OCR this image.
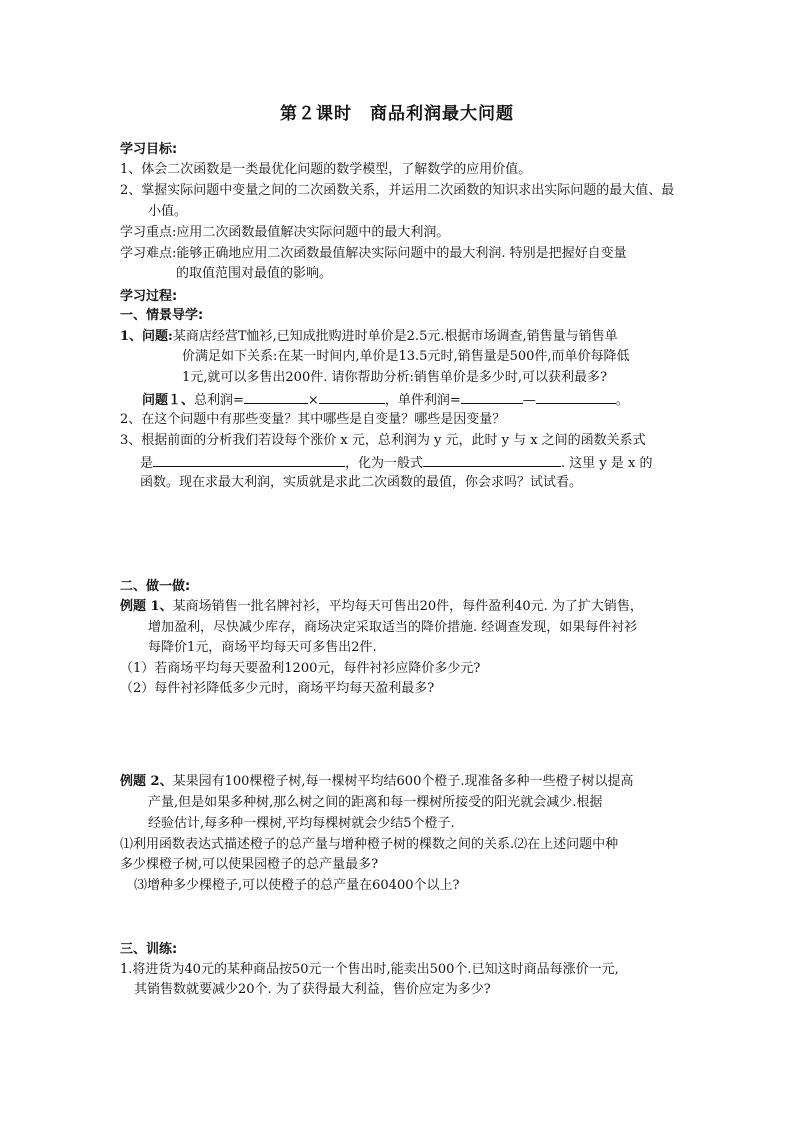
第２课时　商品利润最大问题
学习目标:
1、体会二次函数是一类最优化问题的数学模型，了解数学的应用价值。
2、掌握实际问题中变量之间的二次函数关系，并运用二次函数的知识求出实际问题的最大值、最
小值。
学习重点:应用二次函数最值解决实际问题中的最大利润。
学习难点:能够正确地应用二次函数最值解决实际问题中的最大利润. 特别是把握好自变量
的取值范围对最值的影响。
学习过程:
一、情景导学:
1、问题:某商店经营T恤衫,已知成批购进时单价是2.5元.根据市场调查,销售量与销售单
价满足如下关系:在某一时间内,单价是13.5元时,销售量是500件,而单价每降低
1元,就可以多售出200件. 请你帮助分析:销售单价是多少时,可以获利最多?
问题１、总利润=	×	，单件利润=	—	。
2、在这个问题中有那些变量？其中哪些是自变量？哪些是因变量？
3、根据前面的分析我们若设每个涨价 x 元，总利润为 y 元，此时 y 与 x 之间的函数关系式
是	，化为一般式	. 这里 y 是 x 的
函数。现在求最大利润，实质就是求此二次函数的最值，你会求吗？试试看。
二、做一做:
例题 1、某商场销售一批名牌衬衫，平均每天可售出20件，每件盈利40元. 为了扩大销售，
增加盈利，尽快减少库存，商场决定采取适当的降价措施. 经调查发现，如果每件衬衫
每降价1元，商场平均每天可多售出2件.
（1）若商场平均每天要盈利1200元，每件衬衫应降价多少元?
（2）每件衬衫降低多少元时，商场平均每天盈利最多?
例题 2、某果园有100棵橙子树,每一棵树平均结600个橙子.现准备多种一些橙子树以提高
产量,但是如果多种树,那么树之间的距离和每一棵树所接受的阳光就会减少.根据
经验估计,每多种一棵树,平均每棵树就会少结5个橙子.
⑴利用函数表达式描述橙子的总产量与增种橙子树的棵数之间的关系.⑵在上述问题中种
多少棵橙子树,可以使果园橙子的总产量最多?
⑶增种多少棵橙子,可以使橙子的总产量在60400个以上?
三、训练:
1.将进货为40元的某种商品按50元一个售出时,能卖出500个.已知这时商品每涨价一元,
其销售数就要减少20个. 为了获得最大利益，售价应定为多少?
